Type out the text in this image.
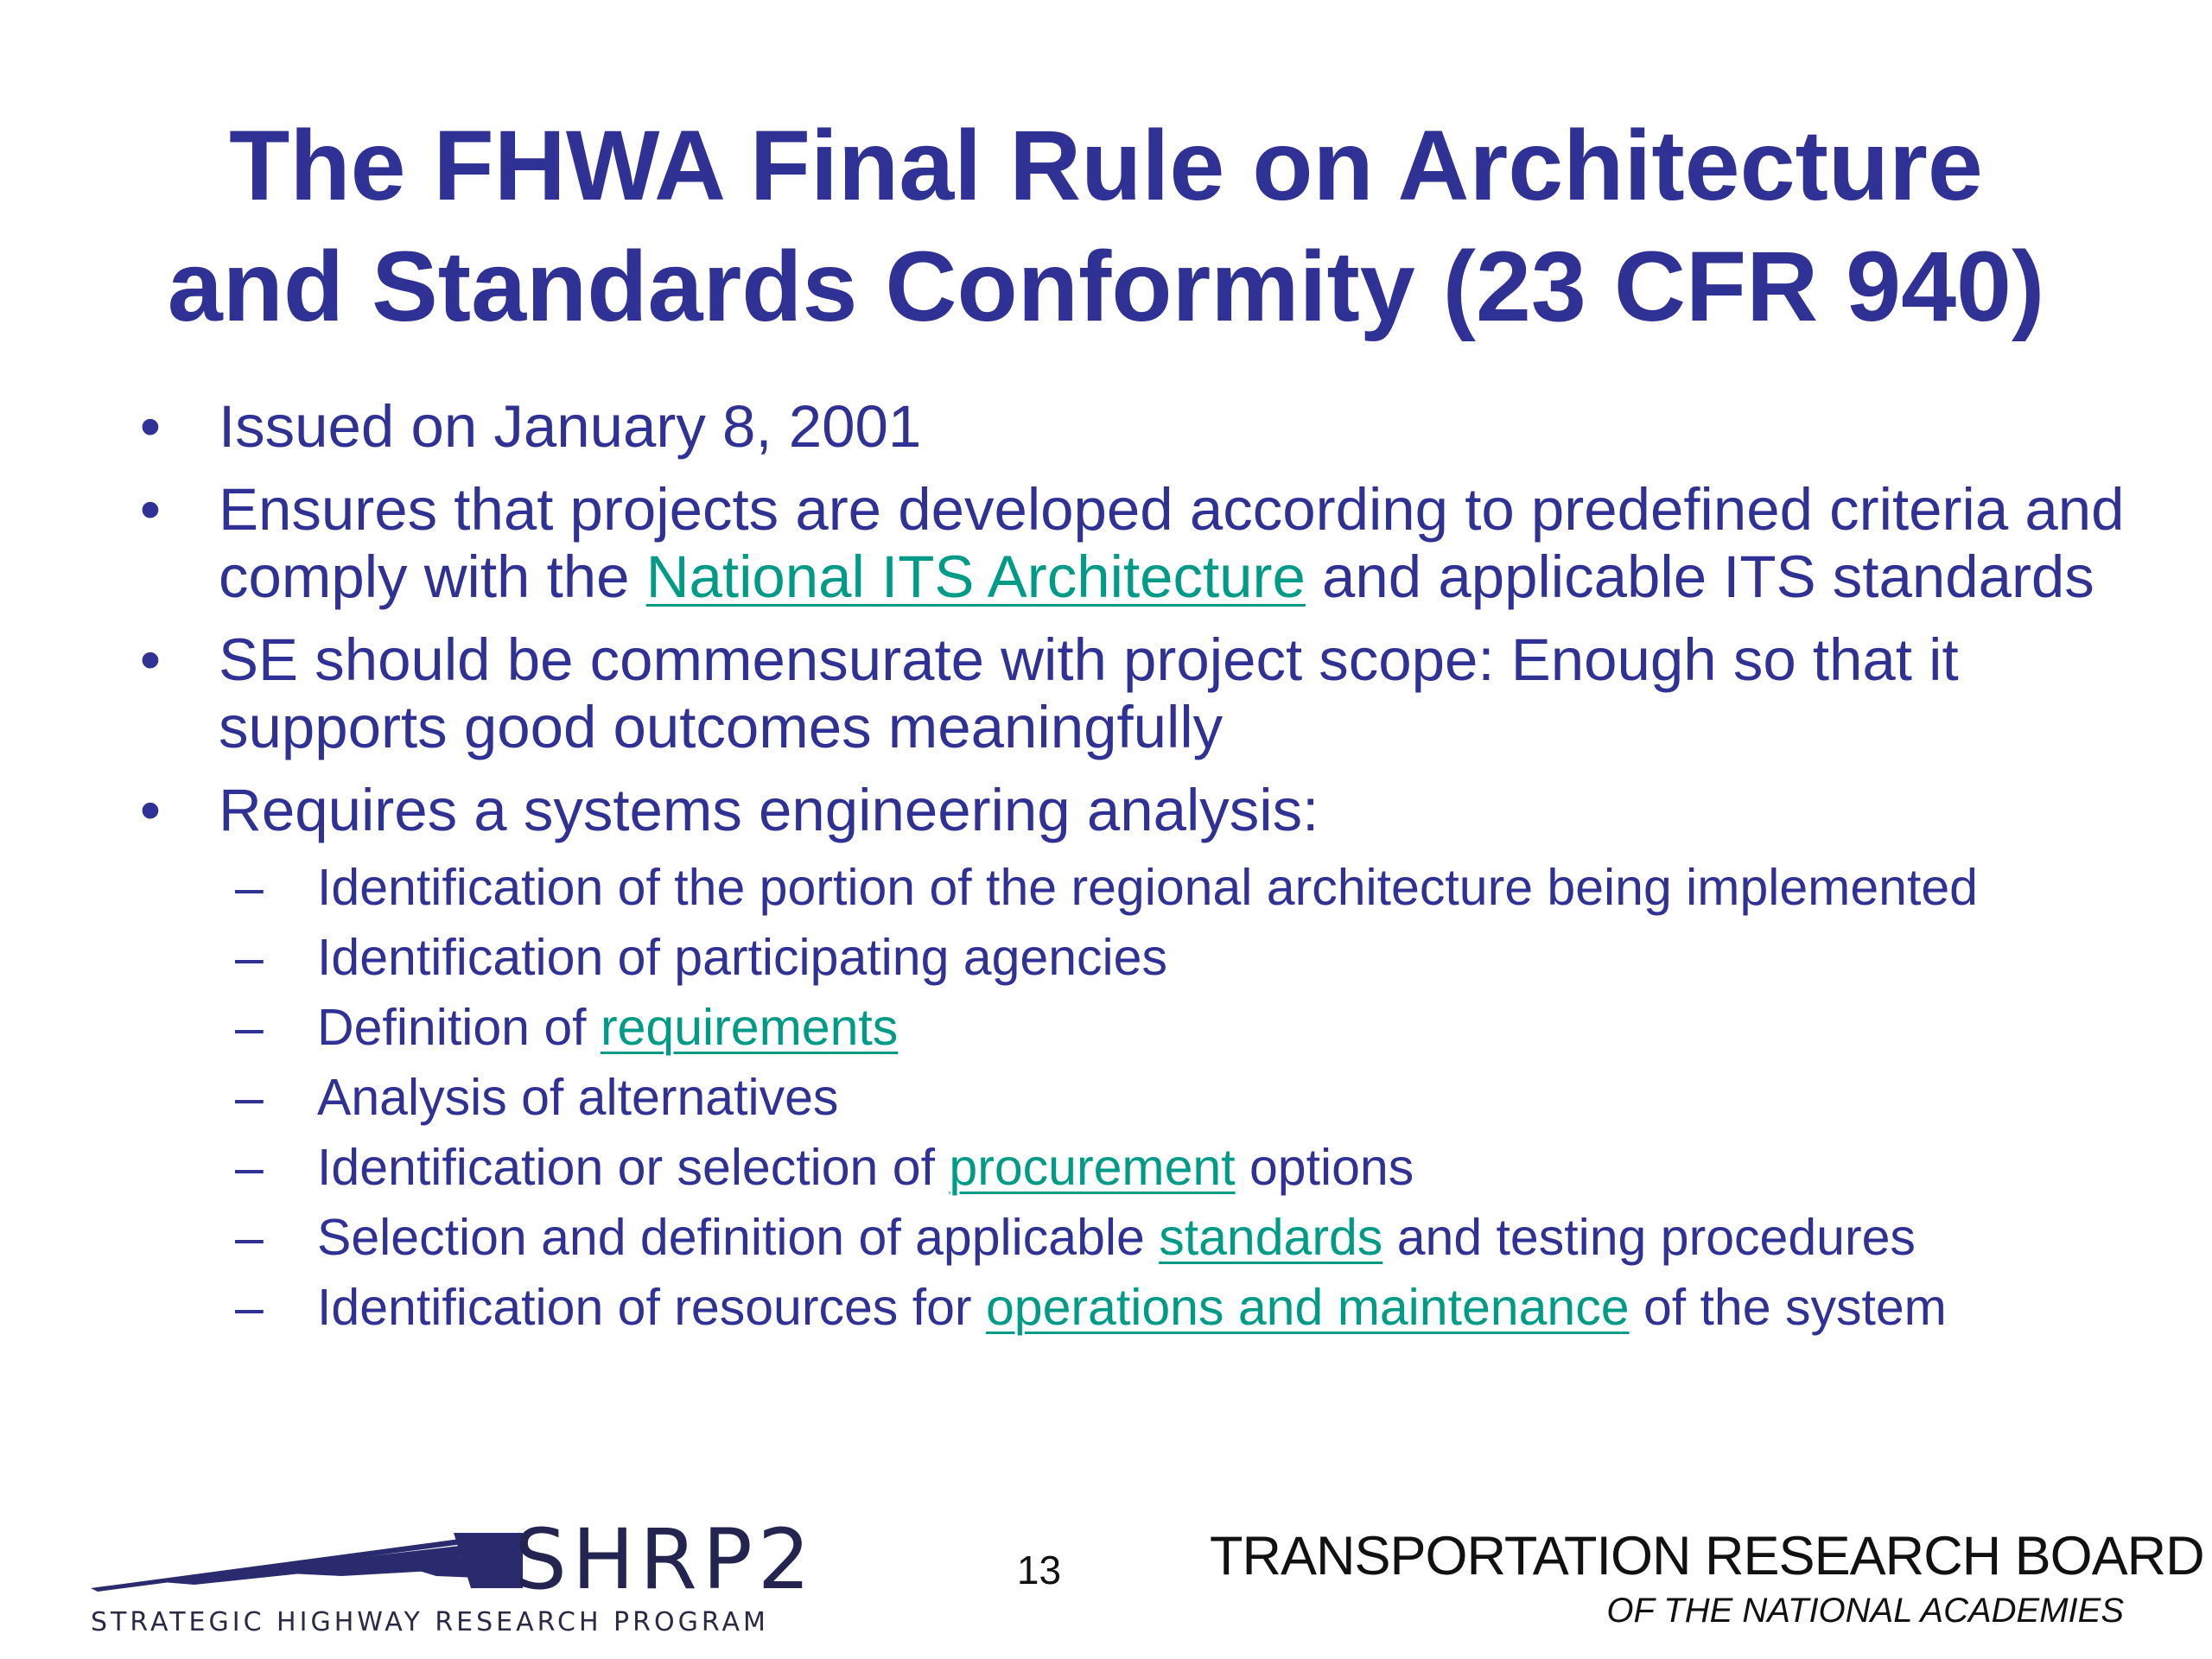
The FHWA Final Rule on Architecture
and Standards Conformity (23 CFR 940)
• Issued on January 8, 2001
• Ensures that projects are developed according to predefined criteria and comply with the National ITS Architecture and applicable ITS standards
• SE should be commensurate with project scope: Enough so that it supports good outcomes meaningfully
• Requires a systems engineering analysis:
– Identification of the portion of the regional architecture being implemented
– Identification of participating agencies
– Definition of requirements
– Analysis of alternatives
– Identification or selection of procurement options
– Selection and definition of applicable standards and testing procedures
– Identification of resources for operations and maintenance of the system
SHRP2
STRATEGIC HIGHWAY RESEARCH PROGRAM
13	TRANSPORTATION RESEARCH BOARD
OF THE NATIONAL ACADEMIES
